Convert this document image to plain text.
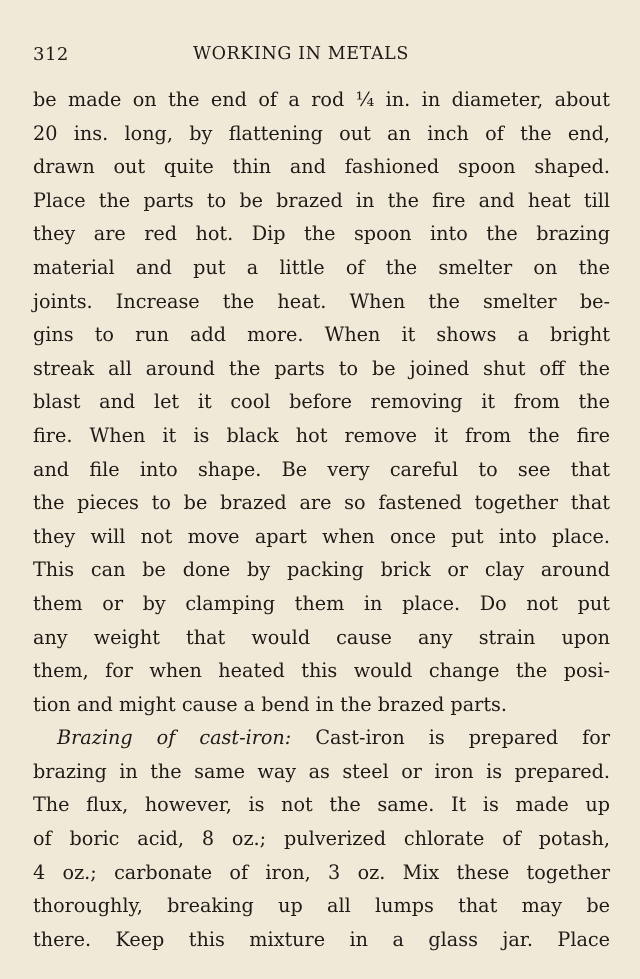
312	WORKING IN METALS
be made on the end of a rod ¼ in. in diameter, about
20 ins. long, by flattening out an inch of the end,
drawn out quite thin and fashioned spoon shaped.
Place the parts to be brazed in the fire and heat till
they are red hot. Dip the spoon into the brazing
material and put a little of the smelter on the
joints. Increase the heat. When the smelter be-
gins to run add more. When it shows a bright
streak all around the parts to be joined shut off the
blast and let it cool before removing it from the
fire. When it is black hot remove it from the fire
and file into shape. Be very careful to see that
the pieces to be brazed are so fastened together that
they will not move apart when once put into place.
This can be done by packing brick or clay around
them or by clamping them in place. Do not put
any weight that would cause any strain upon
them, for when heated this would change the posi-
tion and might cause a bend in the brazed parts.
Brazing of cast-iron: Cast-iron is prepared for
brazing in the same way as steel or iron is prepared.
The flux, however, is not the same. It is made up
of boric acid, 8 oz.; pulverized chlorate of potash,
4 oz.; carbonate of iron, 3 oz. Mix these together
thoroughly, breaking up all lumps that may be
there. Keep this mixture in a glass jar. Place
